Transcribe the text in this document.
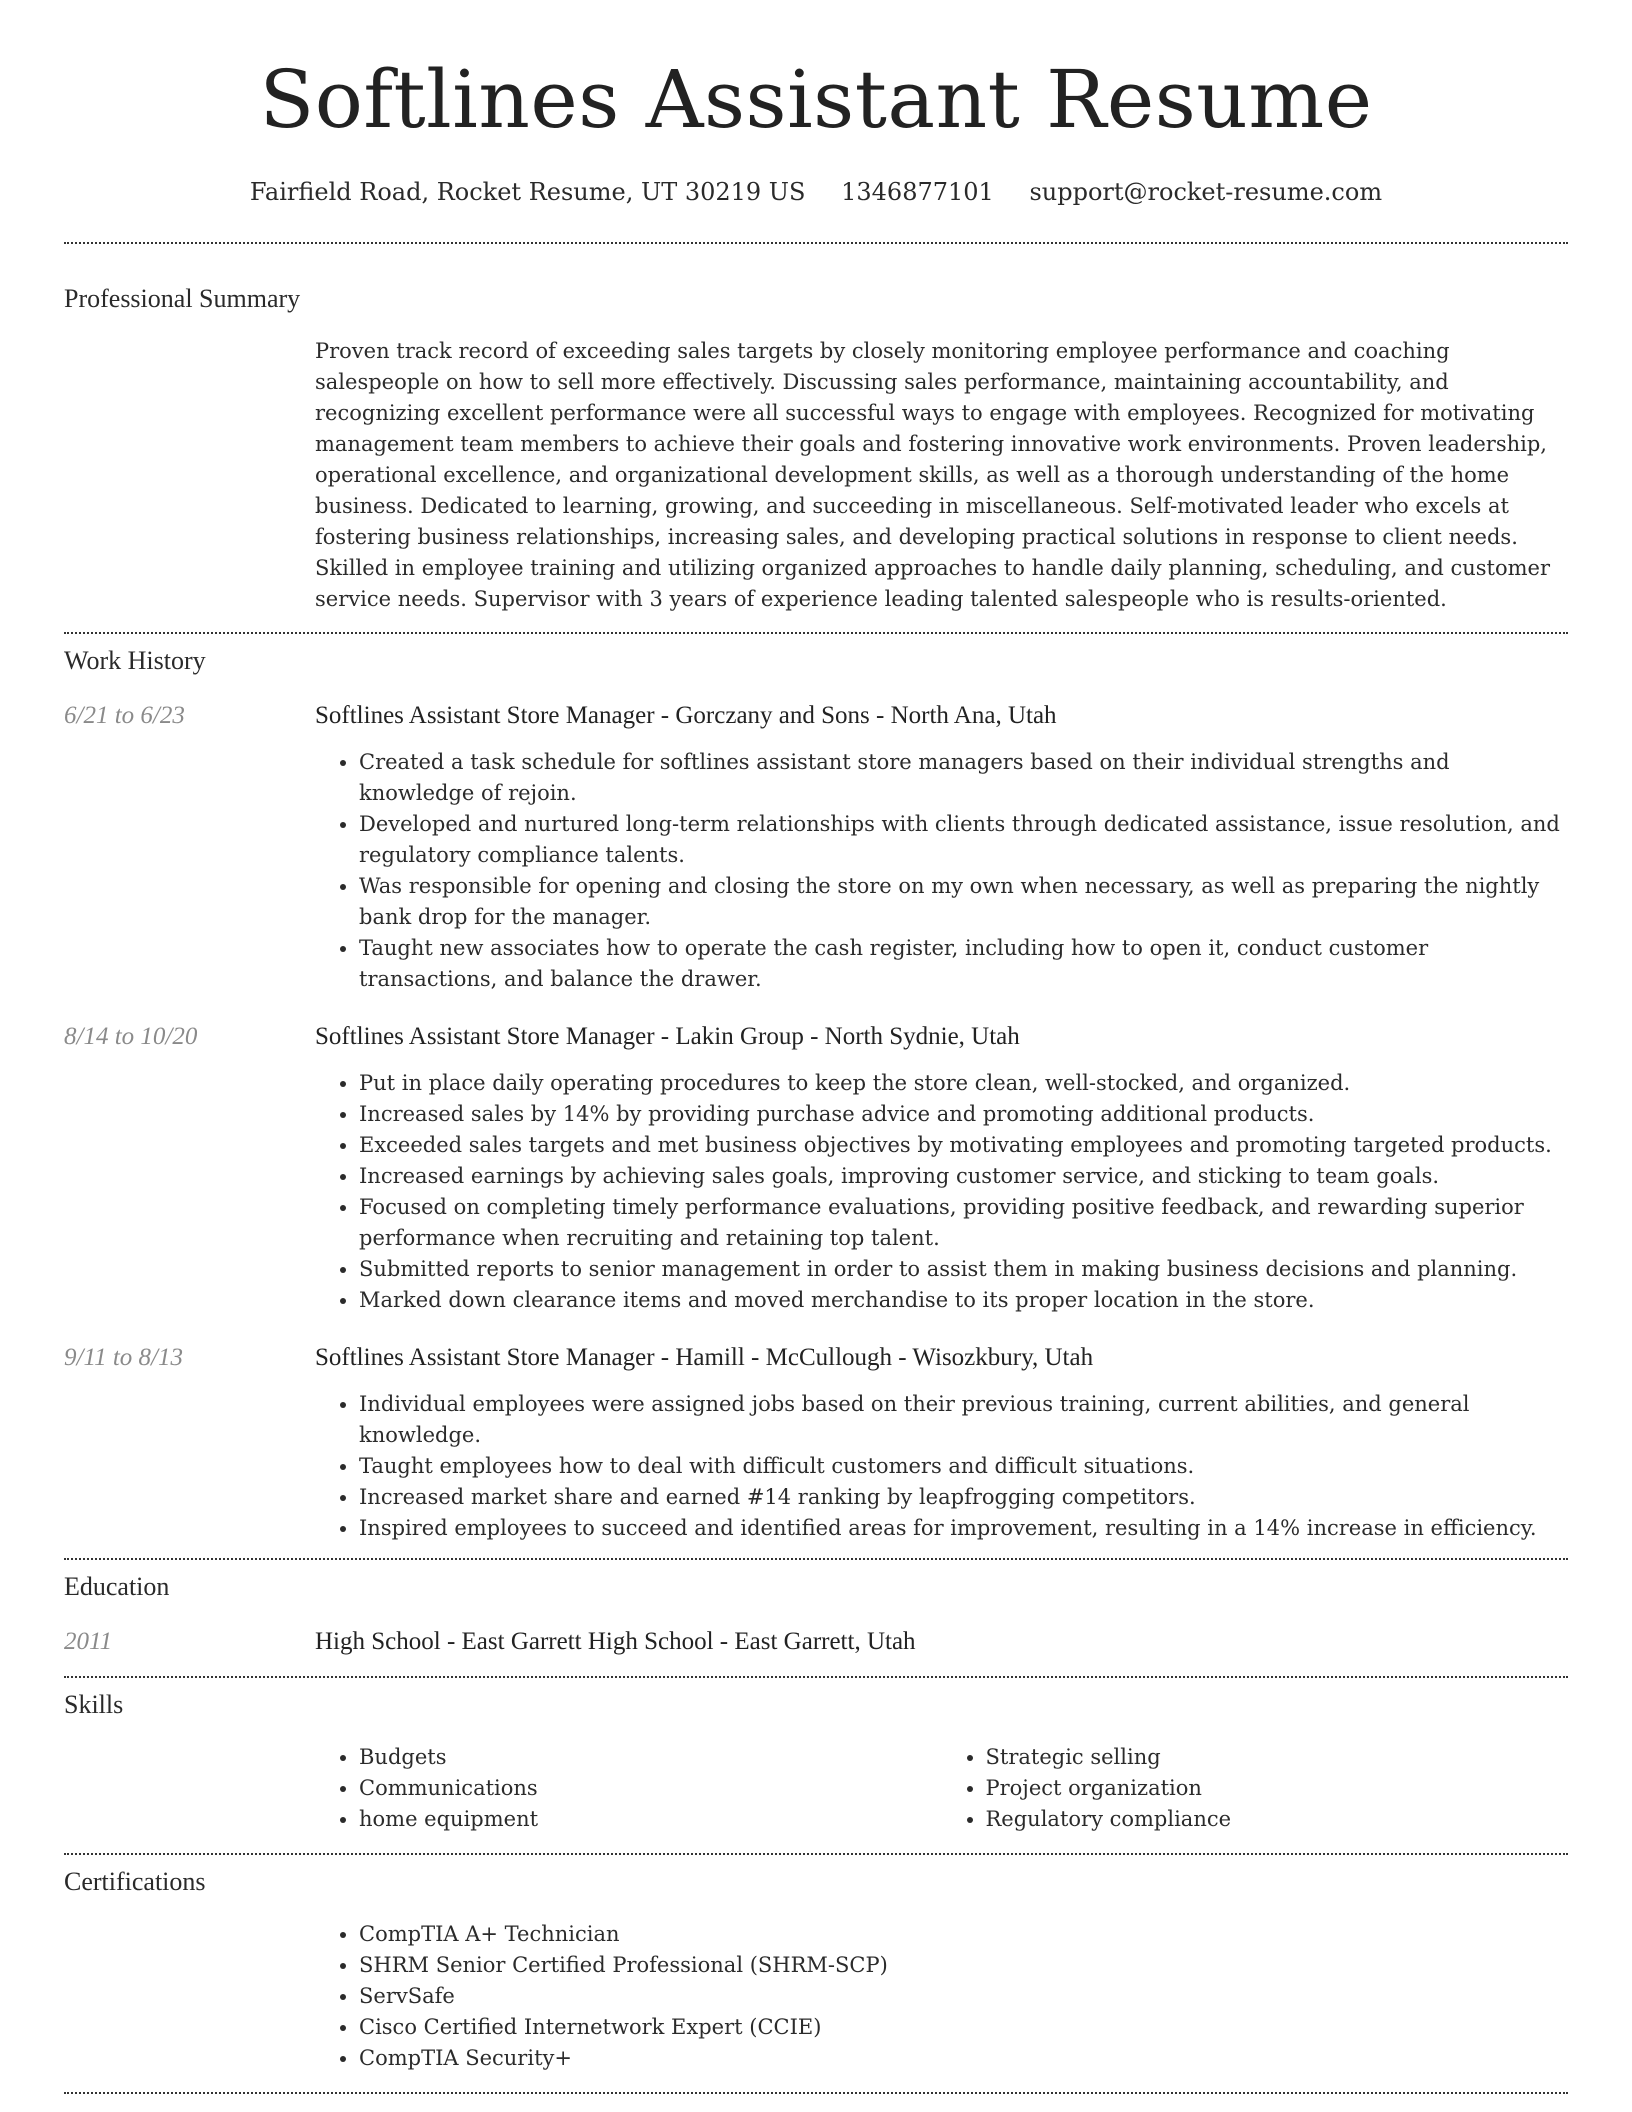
Softlines Assistant Resume
Fairfield Road, Rocket Resume, UT 30219 US 1346877101 support@rocket-resume.com
Professional Summary
Proven track record of exceeding sales targets by closely monitoring employee performance and coaching salespeople on how to sell more effectively. Discussing sales performance, maintaining accountability, and recognizing excellent performance were all successful ways to engage with employees. Recognized for motivating management team members to achieve their goals and fostering innovative work environments. Proven leadership, operational excellence, and organizational development skills, as well as a thorough understanding of the home business. Dedicated to learning, growing, and succeeding in miscellaneous. Self-motivated leader who excels at fostering business relationships, increasing sales, and developing practical solutions in response to client needs. Skilled in employee training and utilizing organized approaches to handle daily planning, scheduling, and customer service needs. Supervisor with 3 years of experience leading talented salespeople who is results-oriented.
Work History
6/21 to 6/23	Softlines Assistant Store Manager - Gorczany and Sons - North Ana, Utah
• Created a task schedule for softlines assistant store managers based on their individual strengths and knowledge of rejoin.
• Developed and nurtured long-term relationships with clients through dedicated assistance, issue resolution, and regulatory compliance talents.
• Was responsible for opening and closing the store on my own when necessary, as well as preparing the nightly bank drop for the manager.
• Taught new associates how to operate the cash register, including how to open it, conduct customer transactions, and balance the drawer.
8/14 to 10/20	Softlines Assistant Store Manager - Lakin Group - North Sydnie, Utah
• Put in place daily operating procedures to keep the store clean, well-stocked, and organized.
• Increased sales by 14% by providing purchase advice and promoting additional products.
• Exceeded sales targets and met business objectives by motivating employees and promoting targeted products.
• Increased earnings by achieving sales goals, improving customer service, and sticking to team goals.
• Focused on completing timely performance evaluations, providing positive feedback, and rewarding superior performance when recruiting and retaining top talent.
• Submitted reports to senior management in order to assist them in making business decisions and planning.
• Marked down clearance items and moved merchandise to its proper location in the store.
9/11 to 8/13	Softlines Assistant Store Manager - Hamill - McCullough - Wisozkbury, Utah
• Individual employees were assigned jobs based on their previous training, current abilities, and general knowledge.
• Taught employees how to deal with difficult customers and difficult situations.
• Increased market share and earned #14 ranking by leapfrogging competitors.
• Inspired employees to succeed and identified areas for improvement, resulting in a 14% increase in efficiency.
Education
2011	High School - East Garrett High School - East Garrett, Utah
Skills
• Budgets
• Communications
• home equipment
• Strategic selling
• Project organization
• Regulatory compliance
Certifications
• CompTIA A+ Technician
• SHRM Senior Certified Professional (SHRM-SCP)
• ServSafe
• Cisco Certified Internetwork Expert (CCIE)
• CompTIA Security+
